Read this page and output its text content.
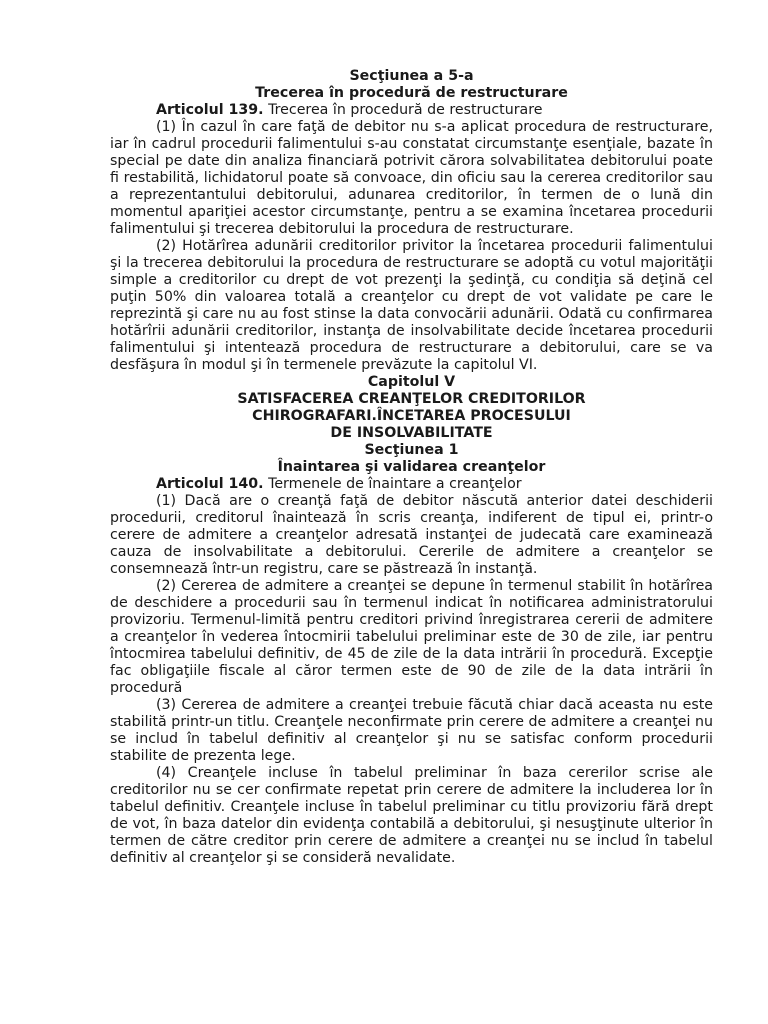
Secţiunea a 5-a
Trecerea în procedură de restructurare

Articolul 139. Trecerea în procedură de restructurare

(1) În cazul în care faţă de debitor nu s-a aplicat procedura de restructurare, iar în cadrul procedurii falimentului s-au constatat circumstanţe esenţiale, bazate în special pe date din analiza financiară potrivit cărora solvabilitatea debitorului poate fi restabilită, lichidatorul poate să convoace, din oficiu sau la cererea creditorilor sau a reprezentantului debitorului, adunarea creditorilor, în termen de o lună din momentul apariţiei acestor circumstanţe, pentru a se examina încetarea procedurii falimentului şi trecerea debitorului la procedura de restructurare.

(2) Hotărîrea adunării creditorilor privitor la încetarea procedurii falimentului şi la trecerea debitorului la procedura de restructurare se adoptă cu votul majorităţii simple a creditorilor cu drept de vot prezenţi la şedinţă, cu condiţia să deţină cel puţin 50% din valoarea totală a creanţelor cu drept de vot validate pe care le reprezintă şi care nu au fost stinse la data convocării adunării. Odată cu confirmarea hotărîrii adunării creditorilor, instanţa de insolvabilitate decide încetarea procedurii falimentului şi intentează procedura de restructurare a debitorului, care se va desfăşura în modul şi în termenele prevăzute la capitolul VI.

Capitolul V
SATISFACEREA CREANŢELOR CREDITORILOR
CHIROGRAFARI.ÎNCETAREA PROCESULUI
DE INSOLVABILITATE
Secţiunea 1
Înaintarea şi validarea creanţelor

Articolul 140. Termenele de înaintare a creanţelor

(1) Dacă are o creanţă faţă de debitor născută anterior datei deschiderii procedurii, creditorul înaintează în scris creanţa, indiferent de tipul ei, printr-o cerere de admitere a creanţelor adresată instanţei de judecată care examinează cauza de insolvabilitate a debitorului. Cererile de admitere a creanţelor se consemnează într-un registru, care se păstrează în instanţă.

(2) Cererea de admitere a creanţei se depune în termenul stabilit în hotărîrea de deschidere a procedurii sau în termenul indicat în notificarea administratorului provizoriu. Termenul-limită pentru creditori privind înregistrarea cererii de admitere a creanţelor în vederea întocmirii tabelului preliminar este de 30 de zile, iar pentru întocmirea tabelului definitiv, de 45 de zile de la data intrării în procedură. Excepţie fac obligaţiile fiscale al căror termen este de 90 de zile de la data intrării în procedură

(3) Cererea de admitere a creanţei trebuie făcută chiar dacă aceasta nu este stabilită printr-un titlu. Creanţele neconfirmate prin cerere de admitere a creanţei nu se includ în tabelul definitiv al creanţelor şi nu se satisfac conform procedurii stabilite de prezenta lege.

(4) Creanţele incluse în tabelul preliminar în baza cererilor scrise ale creditorilor nu se cer confirmate repetat prin cerere de admitere la includerea lor în tabelul definitiv. Creanţele incluse în tabelul preliminar cu titlu provizoriu fără drept de vot, în baza datelor din evidenţa contabilă a debitorului, şi nesuşţinute ulterior în termen de către creditor prin cerere de admitere a creanţei nu se includ în tabelul definitiv al creanţelor şi se consideră nevalidate.
